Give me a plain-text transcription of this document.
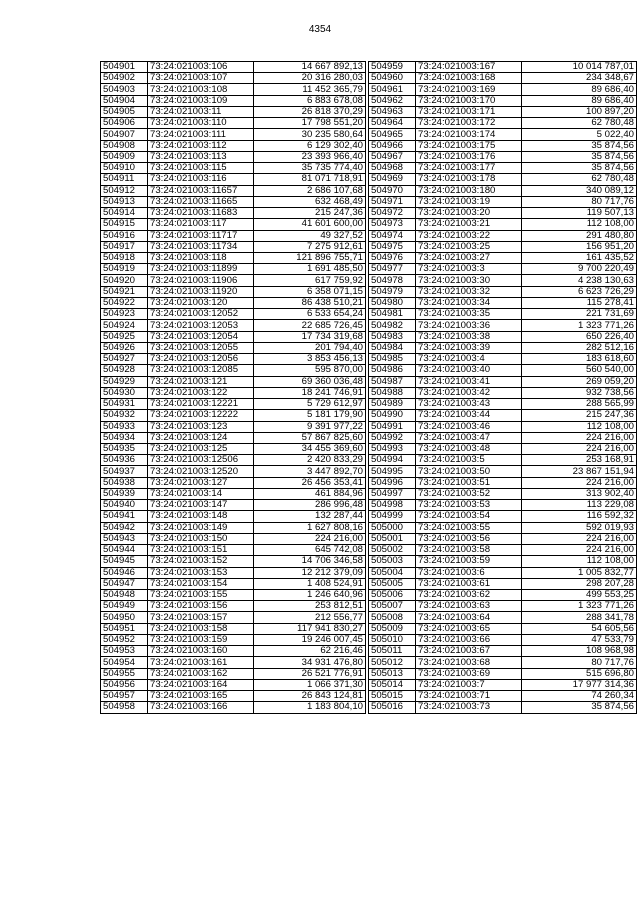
4354
504901	73:24:021003:106	14 667 892,13
504902	73:24:021003:107	20 316 280,03
504903	73:24:021003:108	11 452 365,79
504904	73:24:021003:109	6 883 678,08
504905	73:24:021003:11	26 818 370,29
504906	73:24:021003:110	17 798 551,20
504907	73:24:021003:111	30 235 580,64
504908	73:24:021003:112	6 129 302,40
504909	73:24:021003:113	23 393 966,40
504910	73:24:021003:115	35 735 774,40
504911	73:24:021003:116	81 071 718,91
504912	73:24:021003:11657	2 686 107,68
504913	73:24:021003:11665	632 468,49
504914	73:24:021003:11683	215 247,36
504915	73:24:021003:117	41 601 600,00
504916	73:24:021003:11717	49 327,52
504917	73:24:021003:11734	7 275 912,61
504918	73:24:021003:118	121 896 755,71
504919	73:24:021003:11899	1 691 485,50
504920	73:24:021003:11906	617 759,92
504921	73:24:021003:11920	6 358 071,15
504922	73:24:021003:120	86 438 510,21
504923	73:24:021003:12052	6 533 654,24
504924	73:24:021003:12053	22 685 726,45
504925	73:24:021003:12054	17 734 319,68
504926	73:24:021003:12055	201 794,40
504927	73:24:021003:12056	3 853 456,13
504928	73:24:021003:12085	595 870,00
504929	73:24:021003:121	69 360 036,48
504930	73:24:021003:122	18 241 746,91
504931	73:24:021003:12221	5 729 612,97
504932	73:24:021003:12222	5 181 179,90
504933	73:24:021003:123	9 391 977,22
504934	73:24:021003:124	57 867 825,60
504935	73:24:021003:125	34 455 369,60
504936	73:24:021003:12506	2 420 833,29
504937	73:24:021003:12520	3 447 892,70
504938	73:24:021003:127	26 456 353,41
504939	73:24:021003:14	461 884,96
504940	73:24:021003:147	286 996,48
504941	73:24:021003:148	132 287,44
504942	73:24:021003:149	1 627 808,16
504943	73:24:021003:150	224 216,00
504944	73:24:021003:151	645 742,08
504945	73:24:021003:152	14 706 346,58
504946	73:24:021003:153	12 212 379,09
504947	73:24:021003:154	1 408 524,91
504948	73:24:021003:155	1 246 640,96
504949	73:24:021003:156	253 812,51
504950	73:24:021003:157	212 556,77
504951	73:24:021003:158	117 941 830,27
504952	73:24:021003:159	19 246 007,45
504953	73:24:021003:160	62 216,46
504954	73:24:021003:161	34 931 476,80
504955	73:24:021003:162	26 521 776,91
504956	73:24:021003:164	1 066 371,30
504957	73:24:021003:165	26 843 124,81
504958	73:24:021003:166	1 183 804,10
504959	73:24:021003:167	10 014 787,01
504960	73:24:021003:168	234 348,67
504961	73:24:021003:169	89 686,40
504962	73:24:021003:170	89 686,40
504963	73:24:021003:171	100 897,20
504964	73:24:021003:172	62 780,48
504965	73:24:021003:174	5 022,40
504966	73:24:021003:175	35 874,56
504967	73:24:021003:176	35 874,56
504968	73:24:021003:177	35 874,56
504969	73:24:021003:178	62 780,48
504970	73:24:021003:180	340 089,12
504971	73:24:021003:19	80 717,76
504972	73:24:021003:20	119 507,13
504973	73:24:021003:21	112 108,00
504974	73:24:021003:22	291 480,80
504975	73:24:021003:25	156 951,20
504976	73:24:021003:27	161 435,52
504977	73:24:021003:3	9 700 220,49
504978	73:24:021003:30	4 238 130,63
504979	73:24:021003:32	6 623 726,29
504980	73:24:021003:34	115 278,41
504981	73:24:021003:35	221 731,69
504982	73:24:021003:36	1 323 771,26
504983	73:24:021003:38	650 226,40
504984	73:24:021003:39	282 512,16
504985	73:24:021003:4	183 618,60
504986	73:24:021003:40	560 540,00
504987	73:24:021003:41	269 059,20
504988	73:24:021003:42	932 738,56
504989	73:24:021003:43	288 565,99
504990	73:24:021003:44	215 247,36
504991	73:24:021003:46	112 108,00
504992	73:24:021003:47	224 216,00
504993	73:24:021003:48	224 216,00
504994	73:24:021003:5	253 168,91
504995	73:24:021003:50	23 867 151,94
504996	73:24:021003:51	224 216,00
504997	73:24:021003:52	313 902,40
504998	73:24:021003:53	113 229,08
504999	73:24:021003:54	116 592,32
505000	73:24:021003:55	592 019,93
505001	73:24:021003:56	224 216,00
505002	73:24:021003:58	224 216,00
505003	73:24:021003:59	112 108,00
505004	73:24:021003:6	1 005 832,77
505005	73:24:021003:61	298 207,28
505006	73:24:021003:62	499 553,25
505007	73:24:021003:63	1 323 771,26
505008	73:24:021003:64	288 341,78
505009	73:24:021003:65	54 605,56
505010	73:24:021003:66	47 533,79
505011	73:24:021003:67	108 968,98
505012	73:24:021003:68	80 717,76
505013	73:24:021003:69	515 696,80
505014	73:24:021003:7	17 977 314,36
505015	73:24:021003:71	74 260,34
505016	73:24:021003:73	35 874,56
